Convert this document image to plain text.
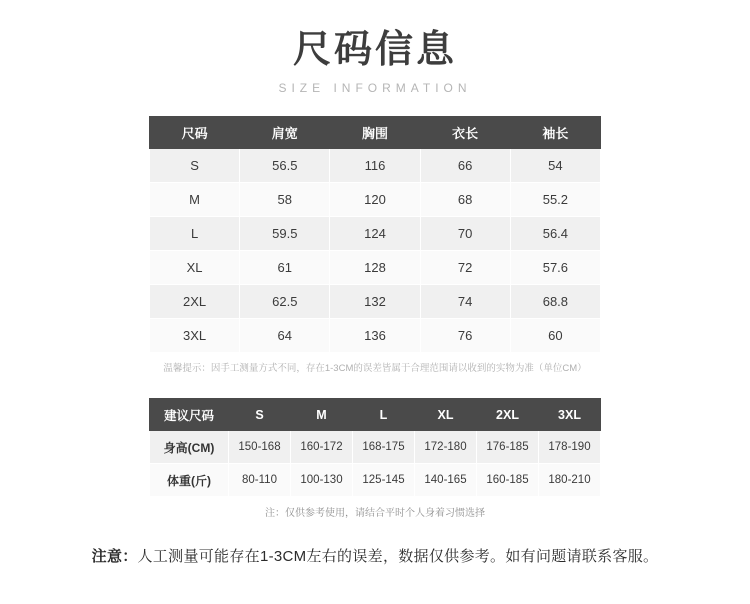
尺码信息
SIZE INFORMATION
尺码	肩宽	胸围	衣长	袖长
S	56.5	116	66	54
M	58	120	68	55.2
L	59.5	124	70	56.4
XL	61	128	72	57.6
2XL	62.5	132	74	68.8
3XL	64	136	76	60
温馨提示：因手工测量方式不同，存在1-3CM的误差皆属于合理范围请以收到的实物为准（单位CM）
建议尺码	S	M	L	XL	2XL	3XL
身高(CM)	150-168	160-172	168-175	172-180	176-185	178-190
体重(斤)	80-110	100-130	125-145	140-165	160-185	180-210
注：仅供参考使用，请结合平时个人身着习惯选择
注意：人工测量可能存在1-3CM左右的误差，数据仅供参考。如有问题请联系客服。
